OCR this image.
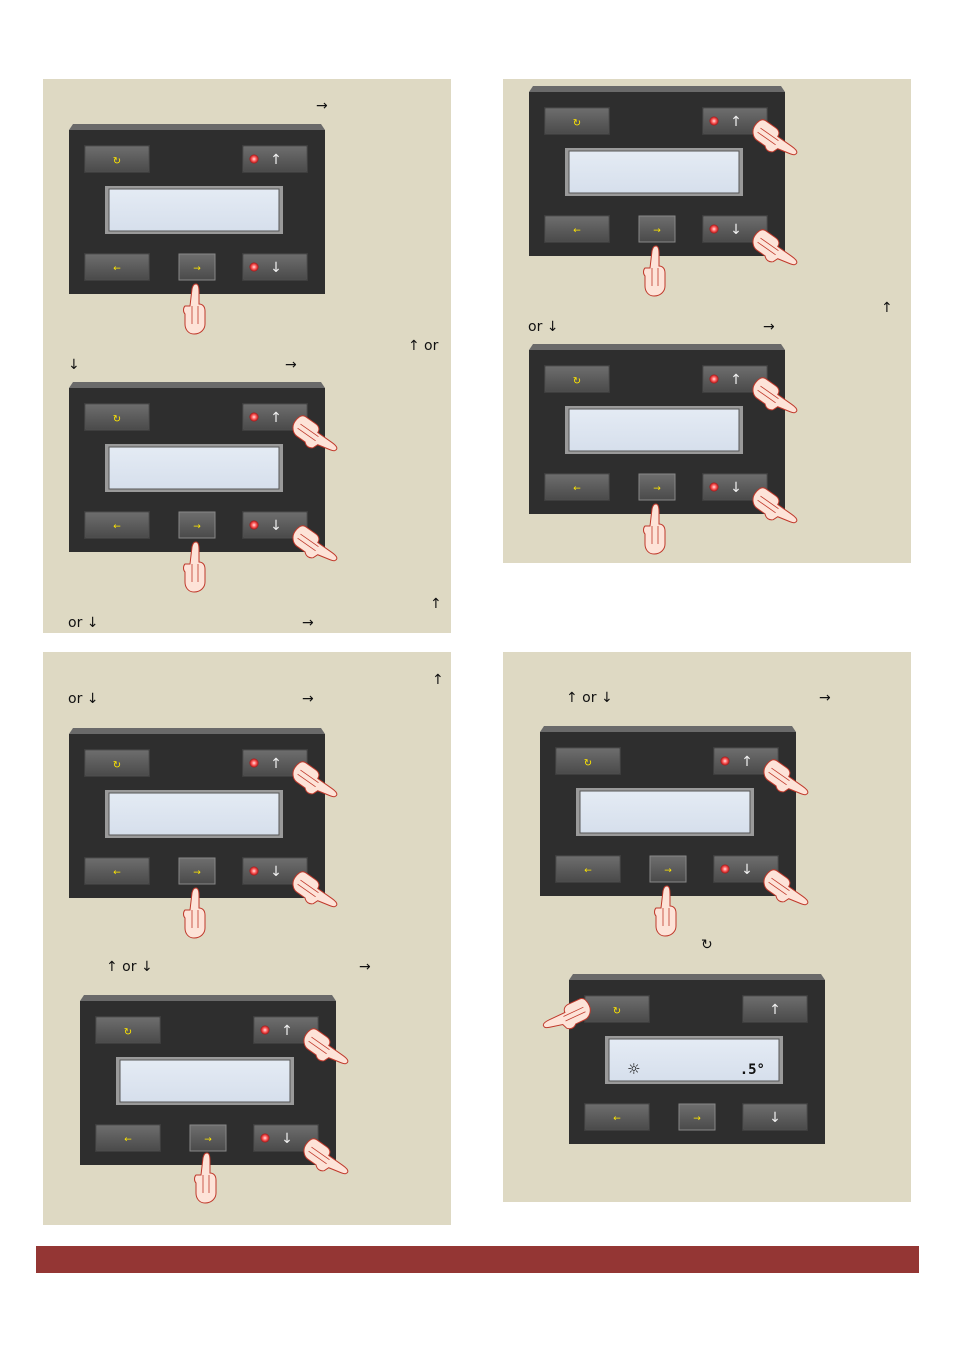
→
↑ or
↓	→
↑
or ↓	→
↑
or ↓	→
↑
or ↓	→
↑ or ↓	→
↑ or ↓	→
↻
↻	↑
←	→	↓
↻	↑
←	→	↓
↻	↑
←	→	↓
↻	↑
←	→	↓
↻	↑
←	→	↓
↻	↑
←	→	↓
↻	↑
←	→	↓
↻	↑
←	→	↓
☼	.5°
